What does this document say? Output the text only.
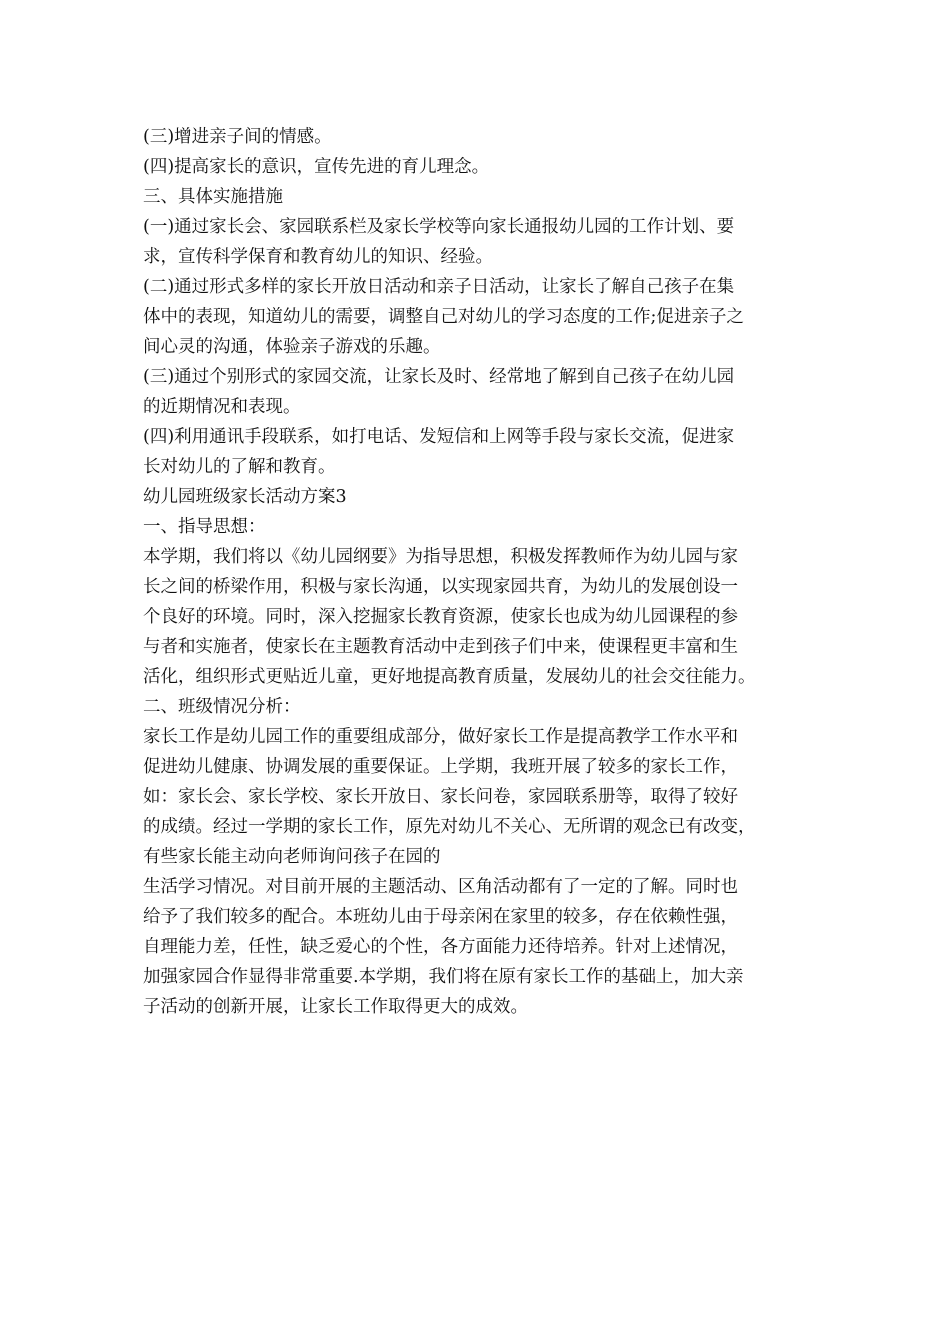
(三)增进亲子间的情感。

(四)提高家长的意识，宣传先进的育儿理念。

三、具体实施措施

(一)通过家长会、家园联系栏及家长学校等向家长通报幼儿园的工作计划、要

求，宣传科学保育和教育幼儿的知识、经验。

(二)通过形式多样的家长开放日活动和亲子日活动，让家长了解自己孩子在集

体中的表现，知道幼儿的需要，调整自己对幼儿的学习态度的工作;促进亲子之

间心灵的沟通，体验亲子游戏的乐趣。

(三)通过个别形式的家园交流，让家长及时、经常地了解到自己孩子在幼儿园

的近期情况和表现。

(四)利用通讯手段联系，如打电话、发短信和上网等手段与家长交流，促进家

长对幼儿的了解和教育。

幼儿园班级家长活动方案3

一、指导思想：

本学期，我们将以《幼儿园纲要》为指导思想，积极发挥教师作为幼儿园与家

长之间的桥梁作用，积极与家长沟通，以实现家园共育，为幼儿的发展创设一

个良好的环境。同时，深入挖掘家长教育资源，使家长也成为幼儿园课程的参

与者和实施者，使家长在主题教育活动中走到孩子们中来，使课程更丰富和生

活化，组织形式更贴近儿童，更好地提高教育质量，发展幼儿的社会交往能力。

二、班级情况分析：

家长工作是幼儿园工作的重要组成部分，做好家长工作是提高教学工作水平和

促进幼儿健康、协调发展的重要保证。上学期，我班开展了较多的家长工作，

如：家长会、家长学校、家长开放日、家长问卷，家园联系册等，取得了较好

的成绩。经过一学期的家长工作，原先对幼儿不关心、无所谓的观念已有改变，

有些家长能主动向老师询问孩子在园的

生活学习情况。对目前开展的主题活动、区角活动都有了一定的了解。同时也

给予了我们较多的配合。本班幼儿由于母亲闲在家里的较多，存在依赖性强，

自理能力差，任性，缺乏爱心的个性，各方面能力还待培养。针对上述情况，

加强家园合作显得非常重要.本学期，我们将在原有家长工作的基础上，加大亲

子活动的创新开展，让家长工作取得更大的成效。
